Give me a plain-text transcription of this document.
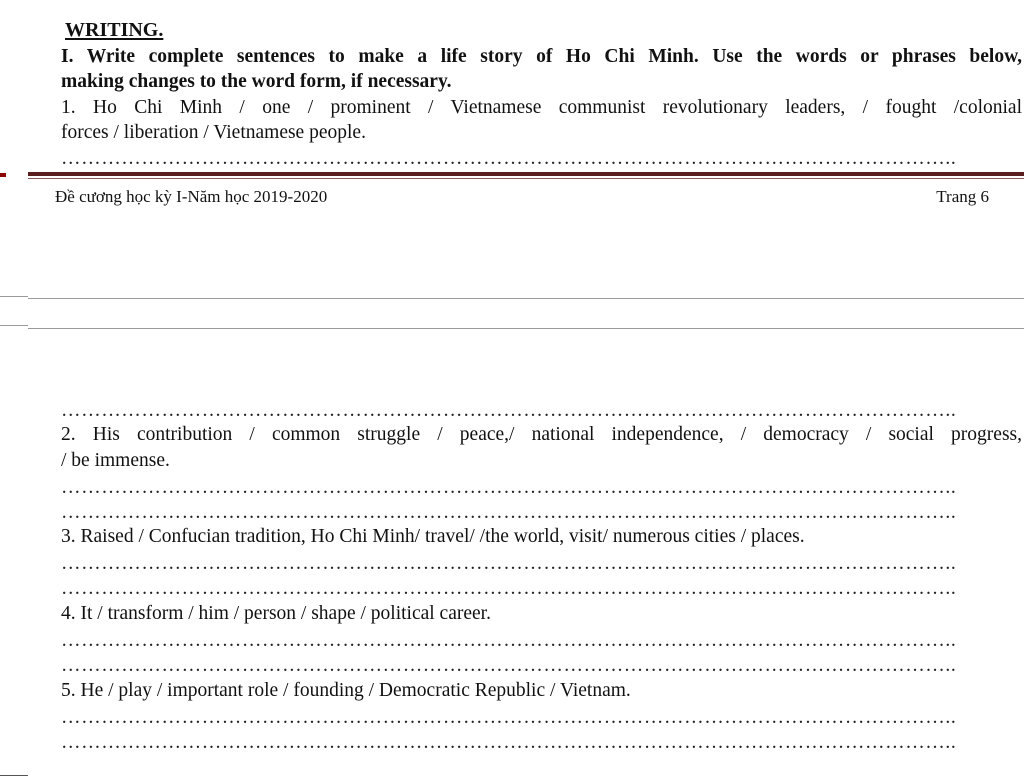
WRITING.
I. Write complete sentences to make a life story of Ho Chi Minh. Use the words or phrases below,
making changes to the word form, if necessary.
1. Ho Chi Minh / one / prominent / Vietnamese communist revolutionary leaders, / fought /colonial
forces / liberation / Vietnamese people.
……………………………………………………………………………………………………………………..
Đề cương học kỳ I-Năm học 2019-2020	Trang 6
……………………………………………………………………………………………………………………..
2. His contribution / common struggle / peace,/ national independence, / democracy / social progress,
/ be immense.
……………………………………………………………………………………………………………………..
……………………………………………………………………………………………………………………..
3. Raised / Confucian tradition, Ho Chi Minh/ travel/ /the world, visit/ numerous cities / places.
……………………………………………………………………………………………………………………..
……………………………………………………………………………………………………………………..
4. It / transform / him / person / shape / political career.
……………………………………………………………………………………………………………………..
……………………………………………………………………………………………………………………..
5. He / play / important role / founding / Democratic Republic / Vietnam.
……………………………………………………………………………………………………………………..
……………………………………………………………………………………………………………………..
